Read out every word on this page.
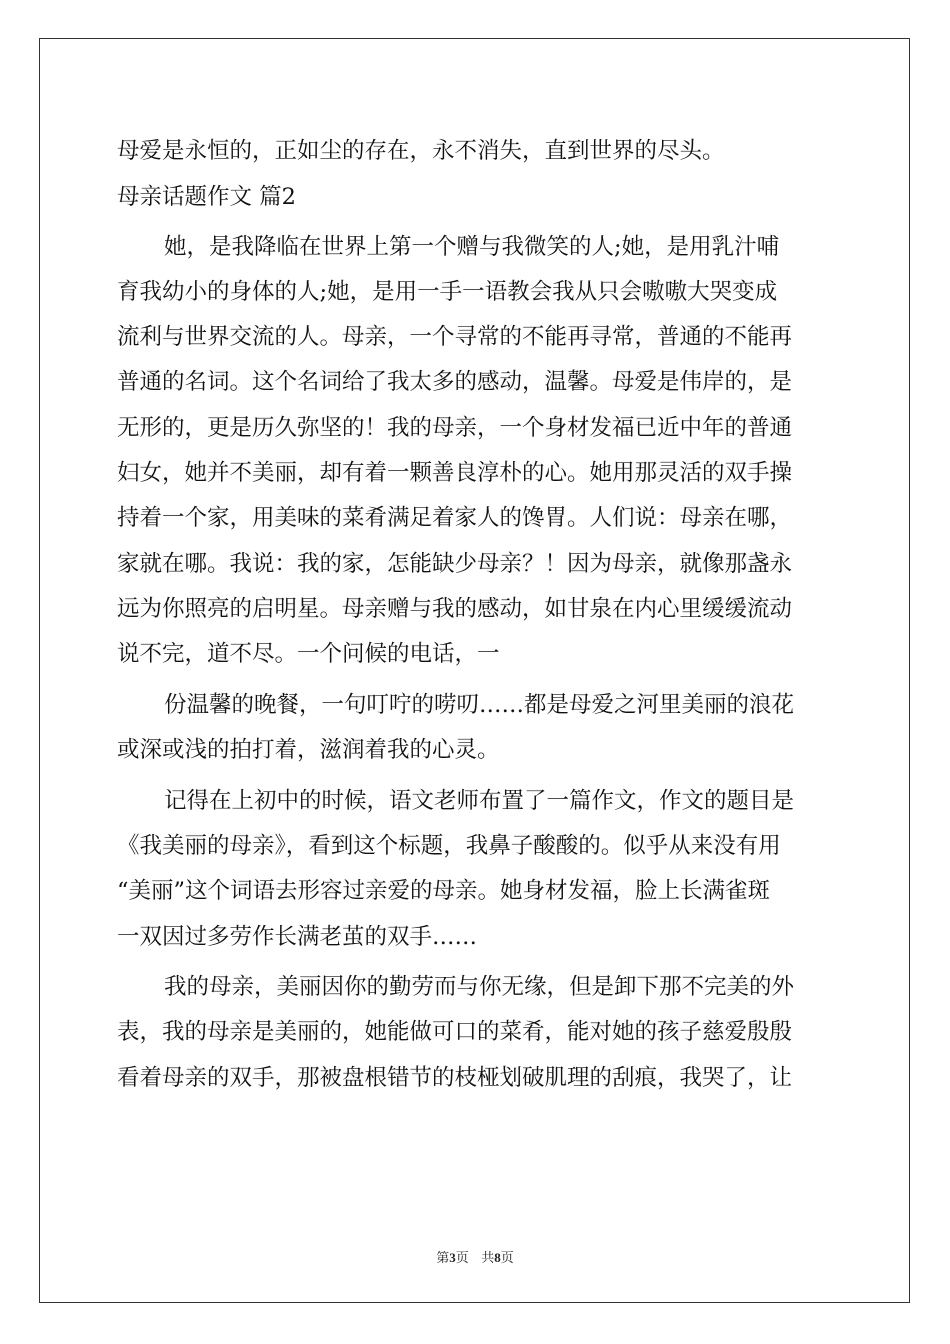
母爱是永恒的，正如尘的存在，永不消失，直到世界的尽头。
母亲话题作文 篇2
她，是我降临在世界上第一个赠与我微笑的人;她，是用乳汁哺
育我幼小的身体的人;她，是用一手一语教会我从只会嗷嗷大哭变成
流利与世界交流的人。母亲，一个寻常的不能再寻常，普通的不能再
普通的名词。这个名词给了我太多的感动，温馨。母爱是伟岸的，是
无形的，更是历久弥坚的！我的母亲，一个身材发福已近中年的普通
妇女，她并不美丽，却有着一颗善良淳朴的心。她用那灵活的双手操
持着一个家，用美味的菜肴满足着家人的馋胃。人们说：母亲在哪，
家就在哪。我说：我的家，怎能缺少母亲？！因为母亲，就像那盏永
远为你照亮的启明星。母亲赠与我的感动，如甘泉在内心里缓缓流动
说不完，道不尽。一个问候的电话，一
份温馨的晚餐，一句叮咛的唠叨……都是母爱之河里美丽的浪花
或深或浅的拍打着，滋润着我的心灵。
记得在上初中的时候，语文老师布置了一篇作文，作文的题目是
《我美丽的母亲》，看到这个标题，我鼻子酸酸的。似乎从来没有用
“美丽”这个词语去形容过亲爱的母亲。她身材发福，脸上长满雀斑
一双因过多劳作长满老茧的双手……
我的母亲，美丽因你的勤劳而与你无缘，但是卸下那不完美的外
表，我的母亲是美丽的，她能做可口的菜肴，能对她的孩子慈爱殷殷
看着母亲的双手，那被盘根错节的枝桠划破肌理的刮痕，我哭了，让
第3页 共8页
